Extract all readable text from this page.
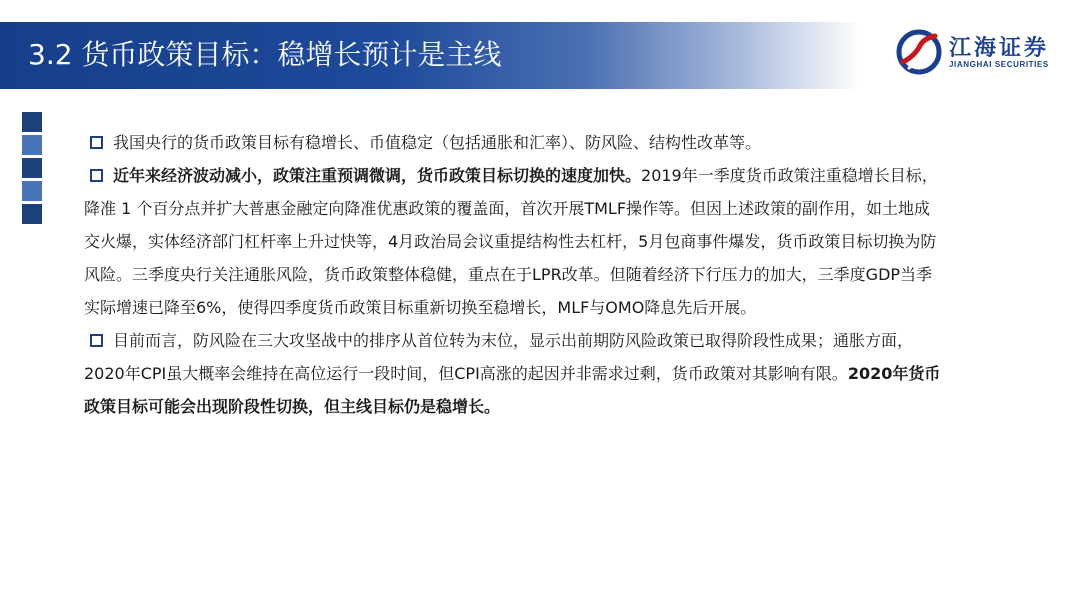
3.2 货币政策目标：稳增长预计是主线	江海证券
JIANGHAI SECURITIES

我国央行的货币政策目标有稳增长、币值稳定（包括通胀和汇率）、防风险、结构性改革等。

近年来经济波动减小，政策注重预调微调，货币政策目标切换的速度加快。2019年一季度货币政策注重稳增长目标，降准 1 个百分点并扩大普惠金融定向降准优惠政策的覆盖面，首次开展TMLF操作等。但因上述政策的副作用，如土地成交火爆，实体经济部门杠杆率上升过快等，4月政治局会议重提结构性去杠杆，5月包商事件爆发，货币政策目标切换为防风险。三季度央行关注通胀风险，货币政策整体稳健，重点在于LPR改革。但随着经济下行压力的加大，三季度GDP当季实际增速已降至6%，使得四季度货币政策目标重新切换至稳增长，MLF与OMO降息先后开展。

目前而言，防风险在三大攻坚战中的排序从首位转为末位，显示出前期防风险政策已取得阶段性成果；通胀方面，2020年CPI虽大概率会维持在高位运行一段时间，但CPI高涨的起因并非需求过剩，货币政策对其影响有限。2020年货币政策目标可能会出现阶段性切换，但主线目标仍是稳增长。
